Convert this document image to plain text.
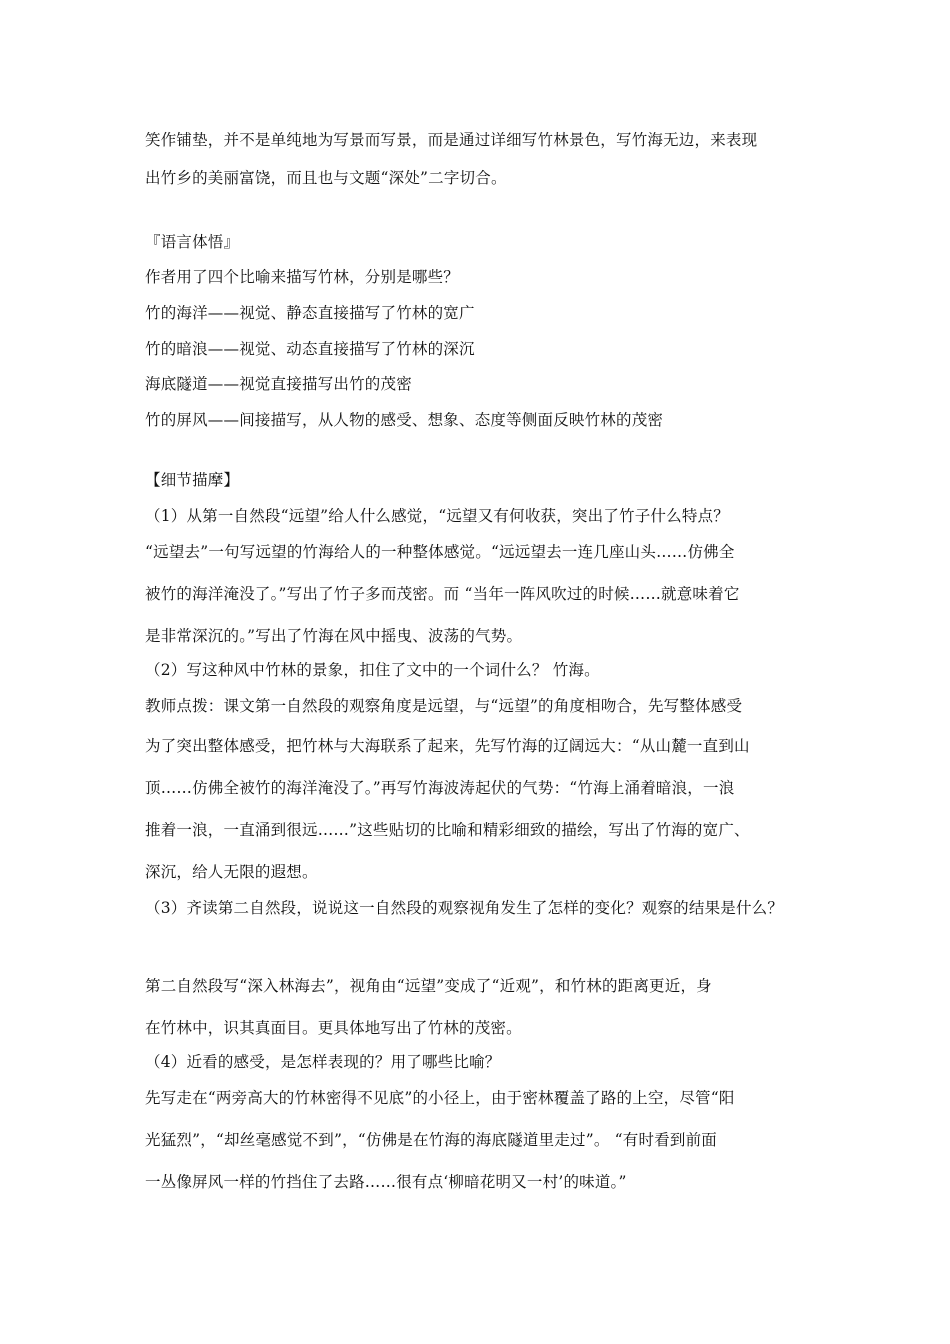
笑作铺垫，并不是单纯地为写景而写景，而是通过详细写竹林景色，写竹海无边，来表现
出竹乡的美丽富饶，而且也与文题“深处”二字切合。
『语言体悟』
作者用了四个比喻来描写竹林，分别是哪些？
竹的海洋——视觉、静态直接描写了竹林的宽广
竹的暗浪——视觉、动态直接描写了竹林的深沉
海底隧道——视觉直接描写出竹的茂密
竹的屏风——间接描写，从人物的感受、想象、态度等侧面反映竹林的茂密
【细节描摩】
（1）从第一自然段“远望”给人什么感觉，“远望又有何收获，突出了竹子什么特点？
“远望去”一句写远望的竹海给人的一种整体感觉。“远远望去一连几座山头……仿佛全
被竹的海洋淹没了。”写出了竹子多而茂密。而 “当年一阵风吹过的时候……就意味着它
是非常深沉的。”写出了竹海在风中摇曳、波荡的气势。
（2）写这种风中竹林的景象，扣住了文中的一个词什么？ 竹海。
教师点拨：课文第一自然段的观察角度是远望，与“远望”的角度相吻合，先写整体感受
为了突出整体感受，把竹林与大海联系了起来，先写竹海的辽阔远大：“从山麓一直到山
顶……仿佛全被竹的海洋淹没了。”再写竹海波涛起伏的气势：“竹海上涌着暗浪，一浪
推着一浪，一直涌到很远……”这些贴切的比喻和精彩细致的描绘，写出了竹海的宽广、
深沉，给人无限的遐想。
（3）齐读第二自然段，说说这一自然段的观察视角发生了怎样的变化？观察的结果是什么？
第二自然段写“深入林海去”，视角由“远望”变成了“近观”，和竹林的距离更近，身
在竹林中，识其真面目。更具体地写出了竹林的茂密。
（4）近看的感受，是怎样表现的？用了哪些比喻？
先写走在“两旁高大的竹林密得不见底”的小径上，由于密林覆盖了路的上空，尽管“阳
光猛烈”，“却丝毫感觉不到”，“仿佛是在竹海的海底隧道里走过”。 “有时看到前面
一丛像屏风一样的竹挡住了去路……很有点‘柳暗花明又一村’的味道。”
